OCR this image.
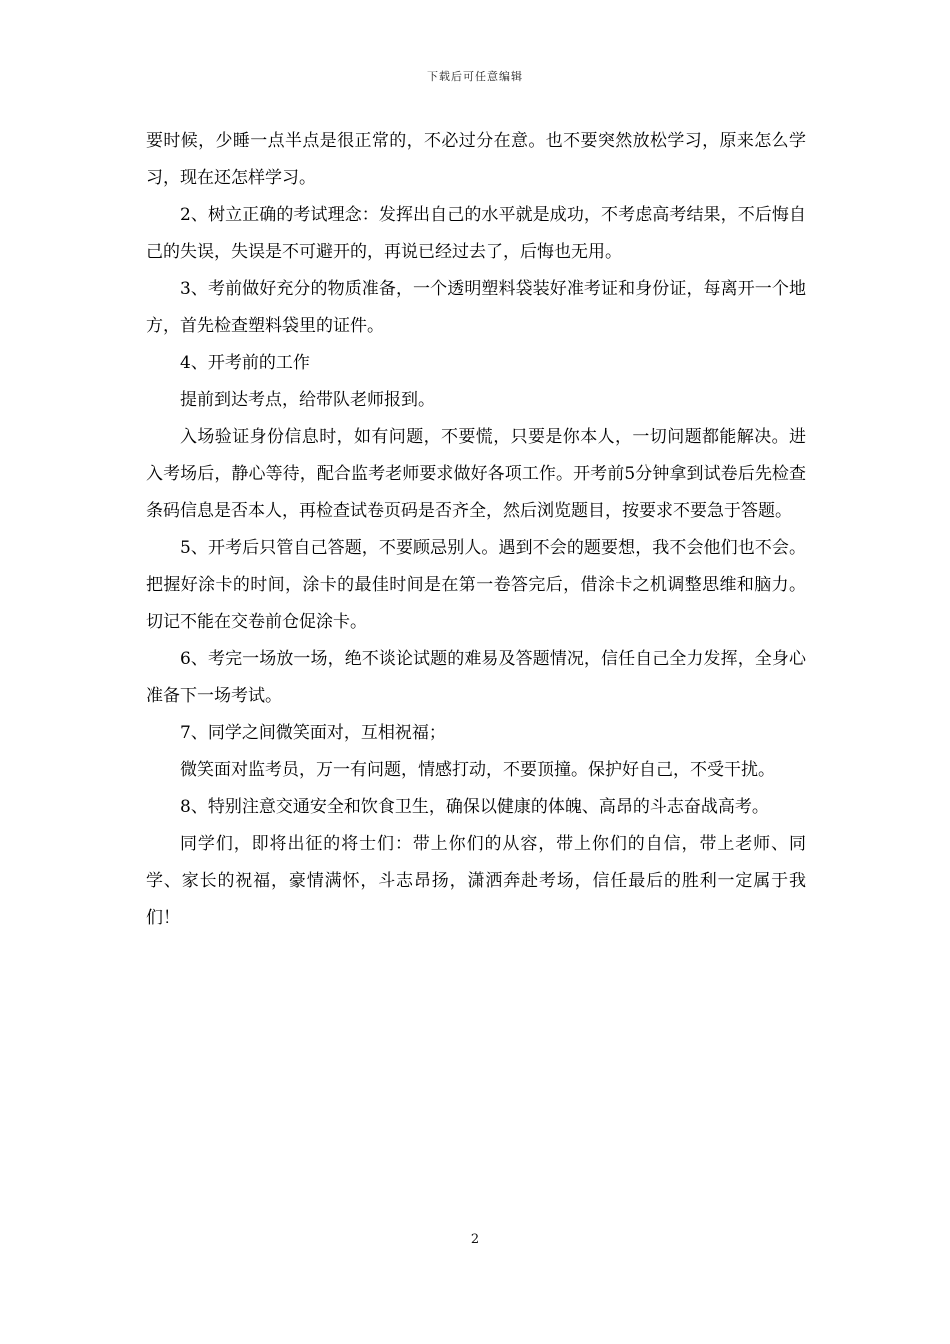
下载后可任意编辑

要时候，少睡一点半点是很正常的，不必过分在意。也不要突然放松学习，原来怎么学习，现在还怎样学习。

2、树立正确的考试理念：发挥出自己的水平就是成功，不考虑高考结果，不后悔自己的失误，失误是不可避开的，再说已经过去了，后悔也无用。

3、考前做好充分的物质准备，一个透明塑料袋装好准考证和身份证，每离开一个地方，首先检查塑料袋里的证件。

4、开考前的工作

提前到达考点，给带队老师报到。

入场验证身份信息时，如有问题，不要慌，只要是你本人，一切问题都能解决。进入考场后，静心等待，配合监考老师要求做好各项工作。开考前5分钟拿到试卷后先检查条码信息是否本人，再检查试卷页码是否齐全，然后浏览题目，按要求不要急于答题。

5、开考后只管自己答题，不要顾忌别人。遇到不会的题要想，我不会他们也不会。把握好涂卡的时间，涂卡的最佳时间是在第一卷答完后，借涂卡之机调整思维和脑力。切记不能在交卷前仓促涂卡。

6、考完一场放一场，绝不谈论试题的难易及答题情况，信任自己全力发挥，全身心准备下一场考试。

7、同学之间微笑面对，互相祝福；

微笑面对监考员，万一有问题，情感打动，不要顶撞。保护好自己，不受干扰。

8、特别注意交通安全和饮食卫生，确保以健康的体魄、高昂的斗志奋战高考。

同学们，即将出征的将士们：带上你们的从容，带上你们的自信，带上老师、同学、家长的祝福，豪情满怀，斗志昂扬，潇洒奔赴考场，信任最后的胜利一定属于我们！

2
